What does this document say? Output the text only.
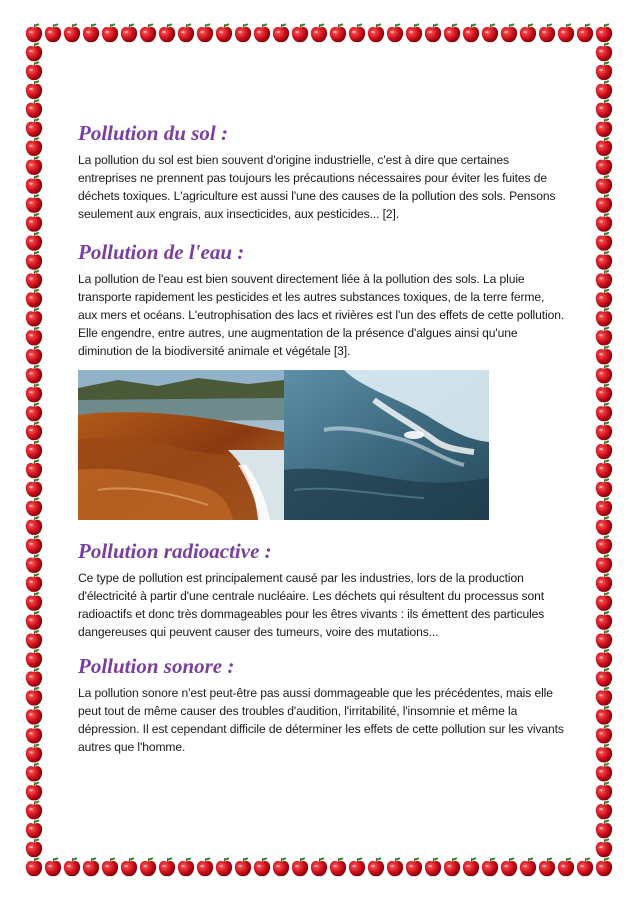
Pollution du sol :

La pollution du sol est bien souvent d'origine industrielle, c'est à dire que certaines entreprises ne prennent pas toujours les précautions nécessaires pour éviter les fuites de déchets toxiques. L'agriculture est aussi l'une des causes de la pollution des sols. Pensons seulement aux engrais, aux insecticides, aux pesticides... [2].

Pollution de l'eau :

La pollution de l'eau est bien souvent directement liée à la pollution des sols. La pluie transporte rapidement les pesticides et les autres substances toxiques, de la terre ferme, aux mers et océans. L'eutrophisation des lacs et rivières est l'un des effets de cette pollution. Elle engendre, entre autres, une augmentation de la présence d'algues ainsi qu'une diminution de la biodiversité animale et végétale [3].

Pollution radioactive :

Ce type de pollution est principalement causé par les industries, lors de la production d'électricité à partir d'une centrale nucléaire. Les déchets qui résultent du processus sont radioactifs et donc très dommageables pour les êtres vivants : ils émettent des particules dangereuses qui peuvent causer des tumeurs, voire des mutations...

Pollution sonore :

La pollution sonore n'est peut-être pas aussi dommageable que les précédentes, mais elle peut tout de même causer des troubles d'audition, l'irritabilité, l'insomnie et même la dépression. Il est cependant difficile de déterminer les effets de cette pollution sur les vivants autres que l'homme.
